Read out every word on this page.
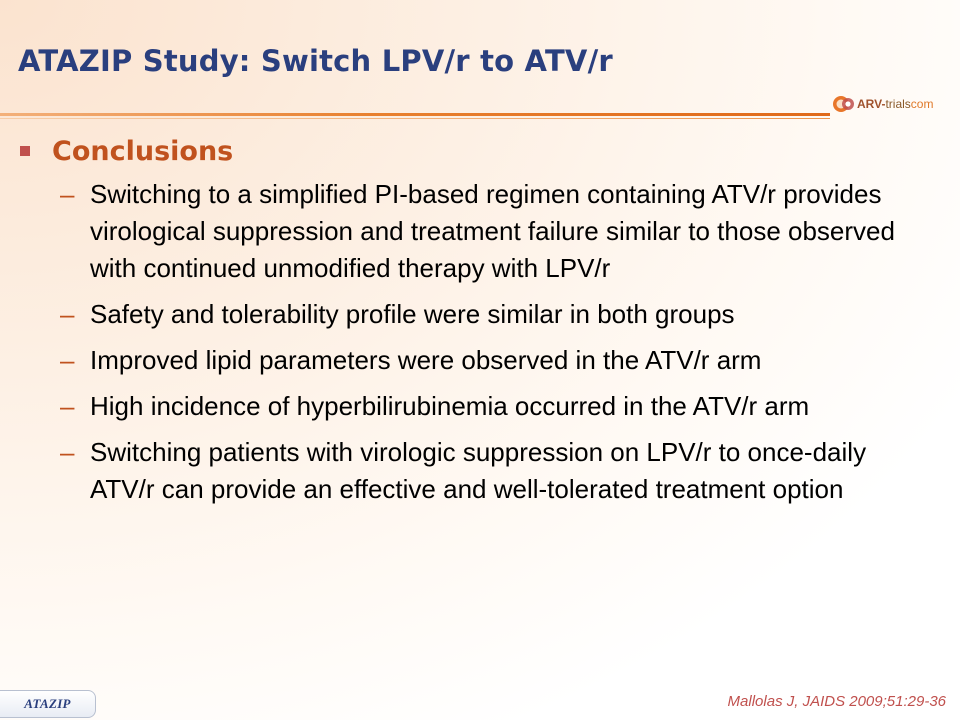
ATAZIP Study: Switch LPV/r to ATV/r
ARV-trialscom
Conclusions
– Switching to a simplified PI-based regimen containing ATV/r provides virological suppression and treatment failure similar to those observed with continued unmodified therapy with LPV/r
– Safety and tolerability profile were similar in both groups
– Improved lipid parameters were observed in the ATV/r arm
– High incidence of hyperbilirubinemia occurred in the ATV/r arm
– Switching patients with virologic suppression on LPV/r to once-daily ATV/r can provide an effective and well-tolerated treatment option
ATAZIP	Mallolas J, JAIDS 2009;51:29-36
